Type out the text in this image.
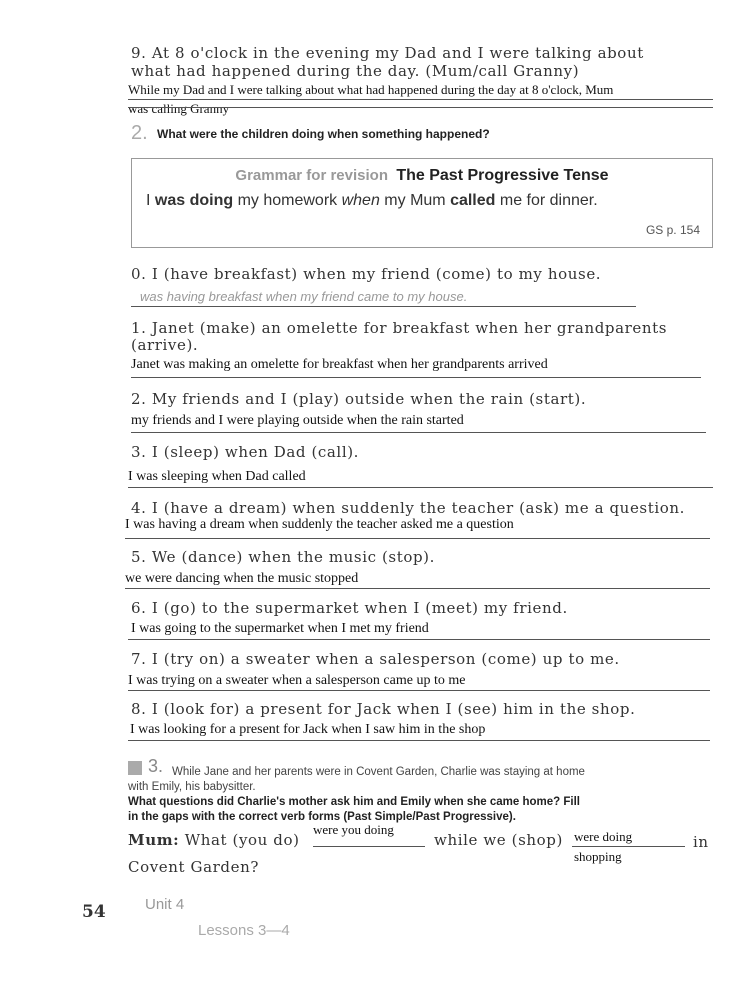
9. At 8 o'clock in the evening my Dad and I were talking about
what had happened during the day. (Mum/call Granny)
While my Dad and I were talking about what had happened during the day at 8 o'clock, Mum
was calling Granny
2. What were the children doing when something happened?
Grammar for revision The Past Progressive Tense
I was doing my homework when my Mum called me for dinner.
GS p. 154
0. I (have breakfast) when my friend (come) to my house.
was having breakfast when my friend came to my house.
1. Janet (make) an omelette for breakfast when her grandparents
(arrive).
Janet was making an omelette for breakfast when her grandparents arrived
2. My friends and I (play) outside when the rain (start).
my friends and I were playing outside when the rain started
3. I (sleep) when Dad (call).
I was sleeping when Dad called
4. I (have a dream) when suddenly the teacher (ask) me a question.
I was having a dream when suddenly the teacher asked me a question
5. We (dance) when the music (stop).
we were dancing when the music stopped
6. I (go) to the supermarket when I (meet) my friend.
I was going to the supermarket when I met my friend
7. I (try on) a sweater when a salesperson (come) up to me.
I was trying on a sweater when a salesperson came up to me
8. I (look for) a present for Jack when I (see) him in the shop.
I was looking for a present for Jack when I saw him in the shop
3. While Jane and her parents were in Covent Garden, Charlie was staying at home
with Emily, his babysitter.
What questions did Charlie's mother ask him and Emily when she came home? Fill
in the gaps with the correct verb forms (Past Simple/Past Progressive).
Mum: What (you do)
were you doing
while we (shop) were doing
shopping
in
Covent Garden?
54	Unit 4
Lessons 3—4
